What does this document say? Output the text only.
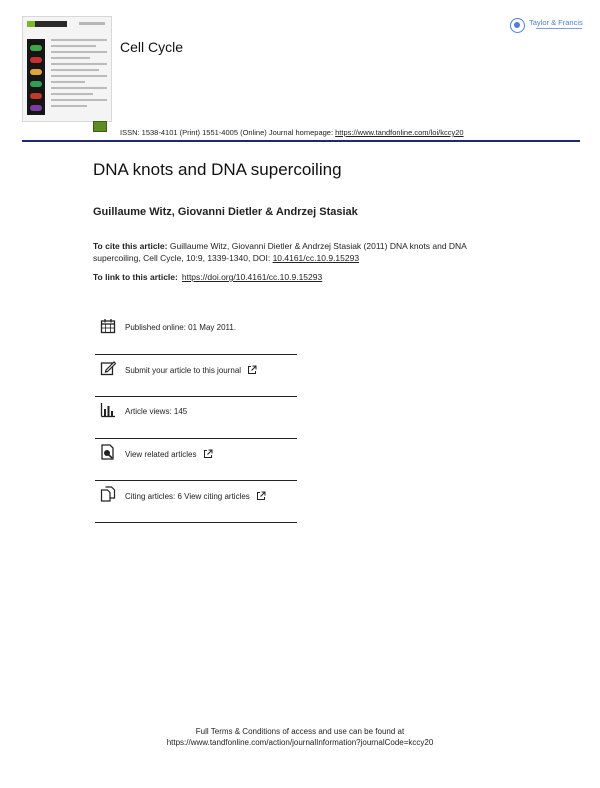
Cell Cycle
Taylor & Francis
ISSN: 1538-4101 (Print) 1551-4005 (Online) Journal homepage: https://www.tandfonline.com/loi/kccy20
DNA knots and DNA supercoiling
Guillaume Witz, Giovanni Dietler & Andrzej Stasiak
To cite this article: Guillaume Witz, Giovanni Dietler & Andrzej Stasiak (2011) DNA knots and DNA supercoiling, Cell Cycle, 10:9, 1339-1340, DOI: 10.4161/cc.10.9.15293
To link to this article: https://doi.org/10.4161/cc.10.9.15293
Published online: 01 May 2011.
Submit your article to this journal
Article views: 145
View related articles
Citing articles: 6 View citing articles
Full Terms & Conditions of access and use can be found at
https://www.tandfonline.com/action/journalInformation?journalCode=kccy20
